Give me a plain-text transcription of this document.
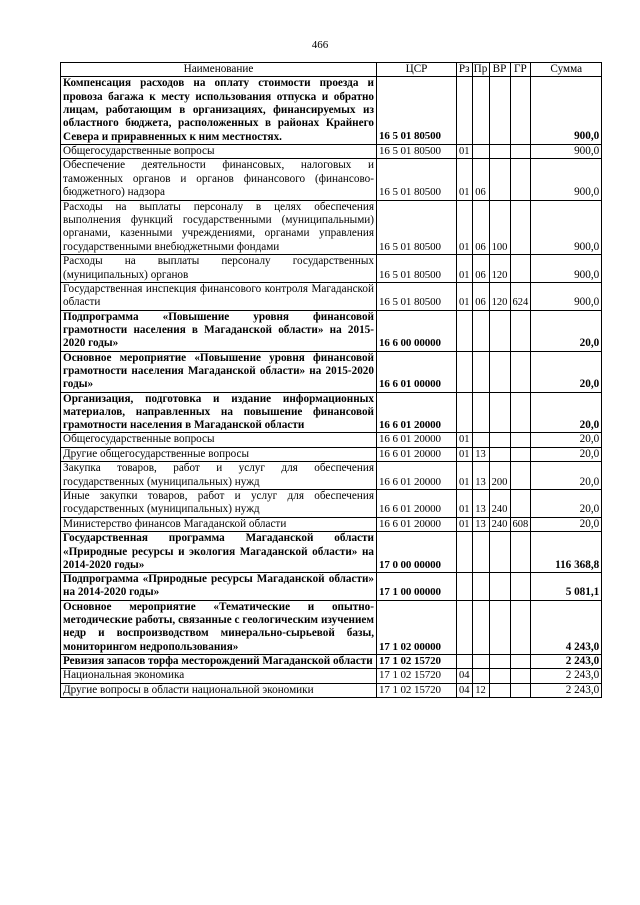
466
Наименование	ЦСР	Рз	Пр	ВР	ГР	Сумма
Компенсация расходов на оплату стоимости проезда и провоза багажа к месту использования отпуска и обратно лицам, работающим в организациях, финансируемых из областного бюджета, расположенных в районах Крайнего Севера и приравненных к ним местностях.	16 5 01 80500					900,0
Общегосударственные вопросы	16 5 01 80500	01				900,0
Обеспечение деятельности финансовых, налоговых и таможенных органов и органов финансового (финансово-бюджетного) надзора	16 5 01 80500	01	06			900,0
Расходы на выплаты персоналу в целях обеспечения выполнения функций государственными (муниципальными) органами, казенными учреждениями, органами управления государственными внебюджетными фондами	16 5 01 80500	01	06	100		900,0
Расходы на выплаты персоналу государственных (муниципальных) органов	16 5 01 80500	01	06	120		900,0
Государственная инспекция финансового контроля Магаданской области	16 5 01 80500	01	06	120	624	900,0
Подпрограмма «Повышение уровня финансовой грамотности населения в Магаданской области» на 2015-2020 годы»	16 6 00 00000					20,0
Основное мероприятие «Повышение уровня финансовой грамотности населения Магаданской области» на 2015-2020 годы»	16 6 01 00000					20,0
Организация, подготовка и издание информационных материалов, направленных на повышение финансовой грамотности населения в Магаданской области	16 6 01 20000					20,0
Общегосударственные вопросы	16 6 01 20000	01				20,0
Другие общегосударственные вопросы	16 6 01 20000	01	13			20,0
Закупка товаров, работ и услуг для обеспечения государственных (муниципальных) нужд	16 6 01 20000	01	13	200		20,0
Иные закупки товаров, работ и услуг для обеспечения государственных (муниципальных) нужд	16 6 01 20000	01	13	240		20,0
Министерство финансов Магаданской области	16 6 01 20000	01	13	240	608	20,0
Государственная программа Магаданской области «Природные ресурсы и экология Магаданской области» на 2014-2020 годы»	17 0 00 00000					116 368,8
Подпрограмма «Природные ресурсы Магаданской области» на 2014-2020 годы»	17 1 00 00000					5 081,1
Основное мероприятие «Тематические и опытно-методические работы, связанные с геологическим изучением недр и воспроизводством минерально-сырьевой базы, мониторингом недропользования»	17 1 02 00000					4 243,0
Ревизия запасов торфа месторождений Магаданской области	17 1 02 15720					2 243,0
Национальная экономика	17 1 02 15720	04				2 243,0
Другие вопросы в области национальной экономики	17 1 02 15720	04	12			2 243,0
